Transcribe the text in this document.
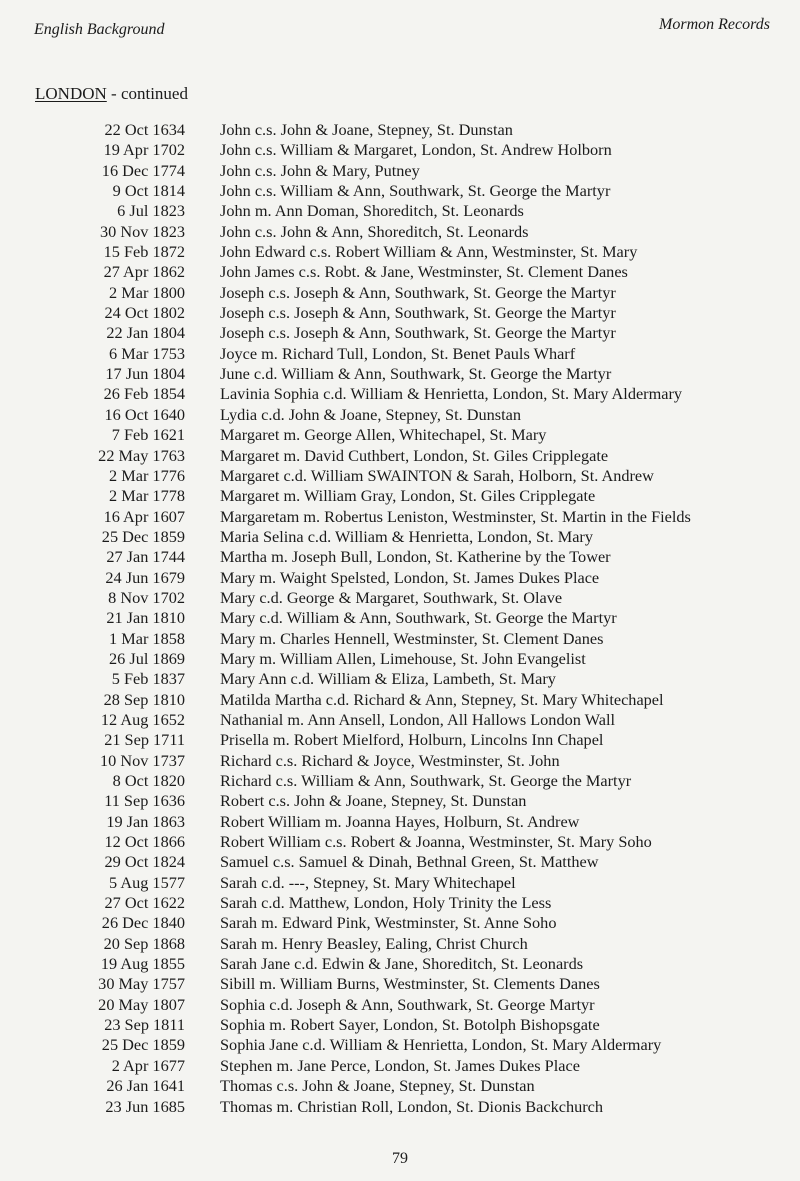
English Background	Mormon Records
LONDON - continued
22 Oct 1634 John c.s. John & Joane, Stepney, St. Dunstan
19 Apr 1702 John c.s. William & Margaret, London, St. Andrew Holborn
16 Dec 1774 John c.s. John & Mary, Putney
9 Oct 1814 John c.s. William & Ann, Southwark, St. George the Martyr
6 Jul 1823 John m. Ann Doman, Shoreditch, St. Leonards
30 Nov 1823 John c.s. John & Ann, Shoreditch, St. Leonards
15 Feb 1872 John Edward c.s. Robert William & Ann, Westminster, St. Mary
27 Apr 1862 John James c.s. Robt. & Jane, Westminster, St. Clement Danes
2 Mar 1800 Joseph c.s. Joseph & Ann, Southwark, St. George the Martyr
24 Oct 1802 Joseph c.s. Joseph & Ann, Southwark, St. George the Martyr
22 Jan 1804 Joseph c.s. Joseph & Ann, Southwark, St. George the Martyr
6 Mar 1753 Joyce m. Richard Tull, London, St. Benet Pauls Wharf
17 Jun 1804 June c.d. William & Ann, Southwark, St. George the Martyr
26 Feb 1854 Lavinia Sophia c.d. William & Henrietta, London, St. Mary Aldermary
16 Oct 1640 Lydia c.d. John & Joane, Stepney, St. Dunstan
7 Feb 1621 Margaret m. George Allen, Whitechapel, St. Mary
22 May 1763 Margaret m. David Cuthbert, London, St. Giles Cripplegate
2 Mar 1776 Margaret c.d. William SWAINTON & Sarah, Holborn, St. Andrew
2 Mar 1778 Margaret m. William Gray, London, St. Giles Cripplegate
16 Apr 1607 Margaretam m. Robertus Leniston, Westminster, St. Martin in the Fields
25 Dec 1859 Maria Selina c.d. William & Henrietta, London, St. Mary
27 Jan 1744 Martha m. Joseph Bull, London, St. Katherine by the Tower
24 Jun 1679 Mary m. Waight Spelsted, London, St. James Dukes Place
8 Nov 1702 Mary c.d. George & Margaret, Southwark, St. Olave
21 Jan 1810 Mary c.d. William & Ann, Southwark, St. George the Martyr
1 Mar 1858 Mary m. Charles Hennell, Westminster, St. Clement Danes
26 Jul 1869 Mary m. William Allen, Limehouse, St. John Evangelist
5 Feb 1837 Mary Ann c.d. William & Eliza, Lambeth, St. Mary
28 Sep 1810 Matilda Martha c.d. Richard & Ann, Stepney, St. Mary Whitechapel
12 Aug 1652 Nathanial m. Ann Ansell, London, All Hallows London Wall
21 Sep 1711 Prisella m. Robert Mielford, Holburn, Lincolns Inn Chapel
10 Nov 1737 Richard c.s. Richard & Joyce, Westminster, St. John
8 Oct 1820 Richard c.s. William & Ann, Southwark, St. George the Martyr
11 Sep 1636 Robert c.s. John & Joane, Stepney, St. Dunstan
19 Jan 1863 Robert William m. Joanna Hayes, Holburn, St. Andrew
12 Oct 1866 Robert William c.s. Robert & Joanna, Westminster, St. Mary Soho
29 Oct 1824 Samuel c.s. Samuel & Dinah, Bethnal Green, St. Matthew
5 Aug 1577 Sarah c.d. ---, Stepney, St. Mary Whitechapel
27 Oct 1622 Sarah c.d. Matthew, London, Holy Trinity the Less
26 Dec 1840 Sarah m. Edward Pink, Westminster, St. Anne Soho
20 Sep 1868 Sarah m. Henry Beasley, Ealing, Christ Church
19 Aug 1855 Sarah Jane c.d. Edwin & Jane, Shoreditch, St. Leonards
30 May 1757 Sibill m. William Burns, Westminster, St. Clements Danes
20 May 1807 Sophia c.d. Joseph & Ann, Southwark, St. George Martyr
23 Sep 1811 Sophia m. Robert Sayer, London, St. Botolph Bishopsgate
25 Dec 1859 Sophia Jane c.d. William & Henrietta, London, St. Mary Aldermary
2 Apr 1677 Stephen m. Jane Perce, London, St. James Dukes Place
26 Jan 1641 Thomas c.s. John & Joane, Stepney, St. Dunstan
23 Jun 1685 Thomas m. Christian Roll, London, St. Dionis Backchurch
79
